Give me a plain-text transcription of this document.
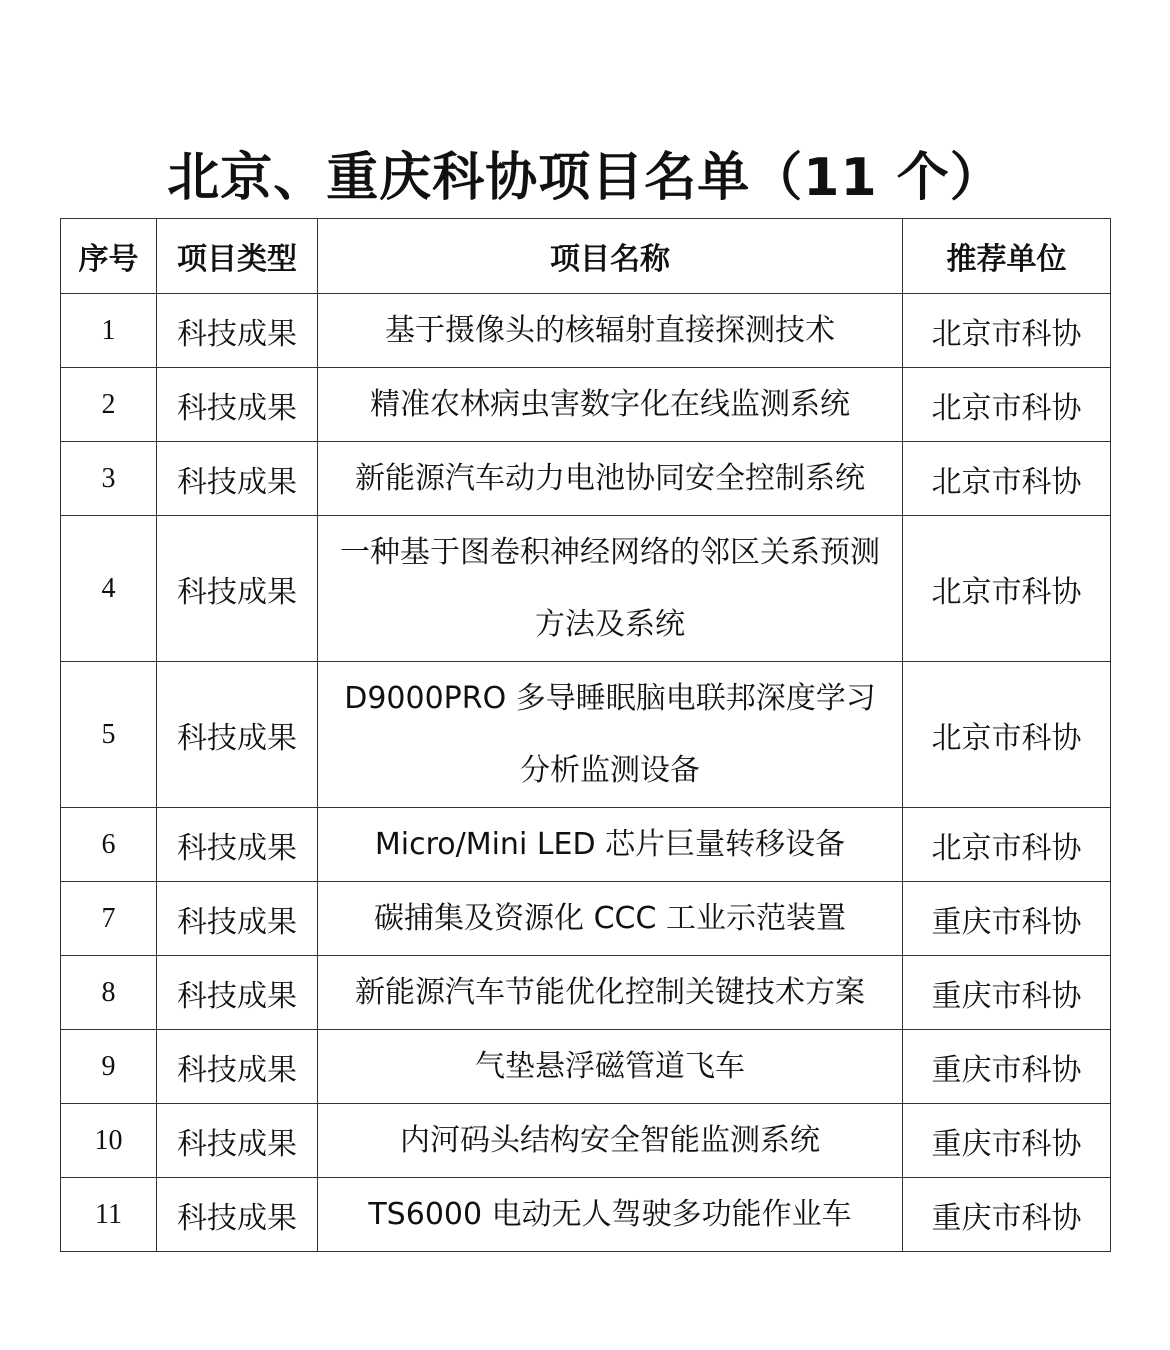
北京、重庆科协项目名单（11 个）
序号	项目类型	项目名称	推荐单位
1	科技成果	基于摄像头的核辐射直接探测技术	北京市科协
2	科技成果	精准农林病虫害数字化在线监测系统	北京市科协
3	科技成果	新能源汽车动力电池协同安全控制系统	北京市科协
4	科技成果	一种基于图卷积神经网络的邻区关系预测方法及系统	北京市科协
5	科技成果	D9000PRO 多导睡眠脑电联邦深度学习分析监测设备	北京市科协
6	科技成果	Micro/Mini LED 芯片巨量转移设备	北京市科协
7	科技成果	碳捕集及资源化 CCC 工业示范装置	重庆市科协
8	科技成果	新能源汽车节能优化控制关键技术方案	重庆市科协
9	科技成果	气垫悬浮磁管道飞车	重庆市科协
10	科技成果	内河码头结构安全智能监测系统	重庆市科协
11	科技成果	TS6000 电动无人驾驶多功能作业车	重庆市科协
